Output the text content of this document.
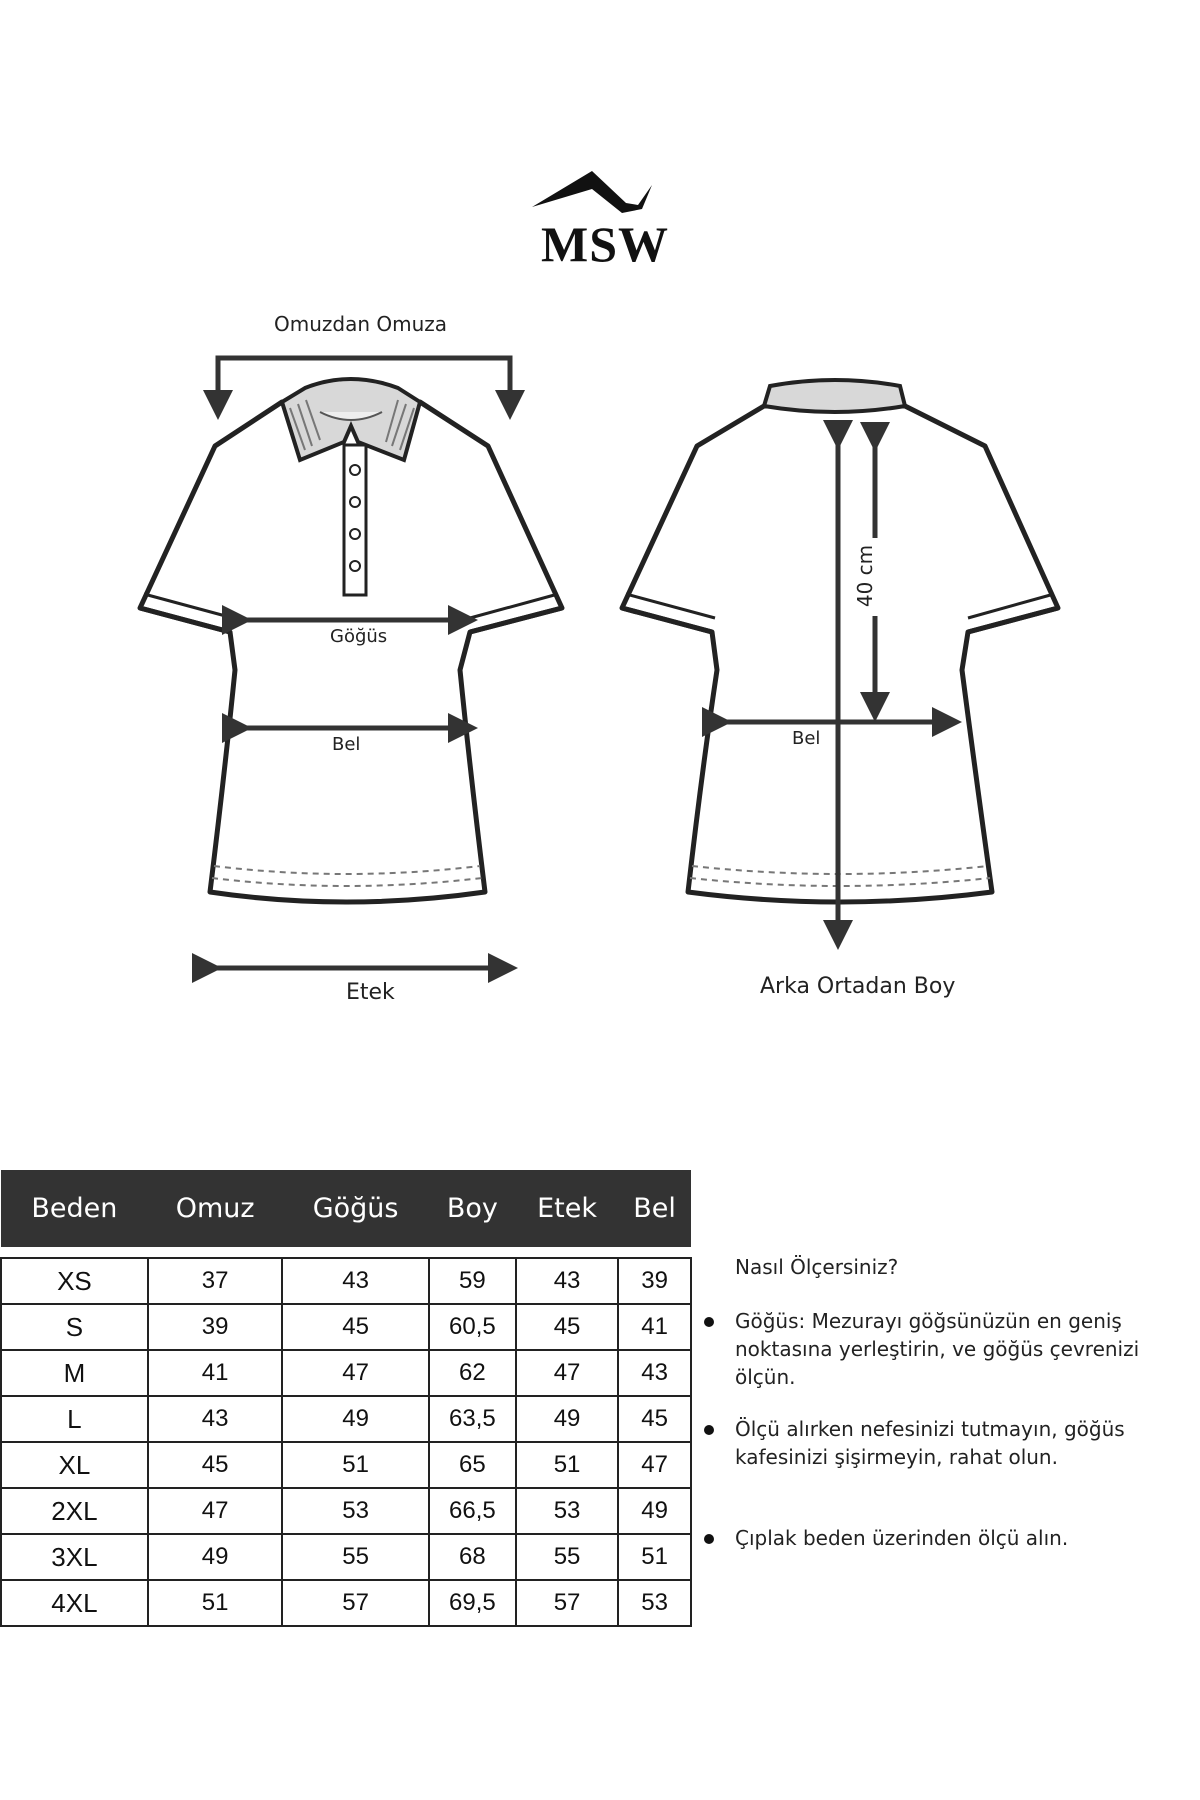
MSW
Omuzdan Omuza
Göğüs
Bel
Etek
Bel
Arka Ortadan Boy
40 cm
Beden	Omuz	Göğüs	Boy	Etek	Bel

XS	37	43	59	43	39
S	39	45	60,5	45	41
M	41	47	62	47	43
L	43	49	63,5	49	45
XL	45	51	65	51	47
2XL	47	53	66,5	53	49
3XL	49	55	68	55	51
4XL	51	57	69,5	57	53
Nasıl Ölçersiniz?
Göğüs: Mezurayı göğsünüzün en geniş noktasına yerleştirin, ve göğüs çevrenizi ölçün.
Ölçü alırken nefesinizi tutmayın, göğüs kafesinizi şişirmeyin, rahat olun.
Çıplak beden üzerinden ölçü alın.
